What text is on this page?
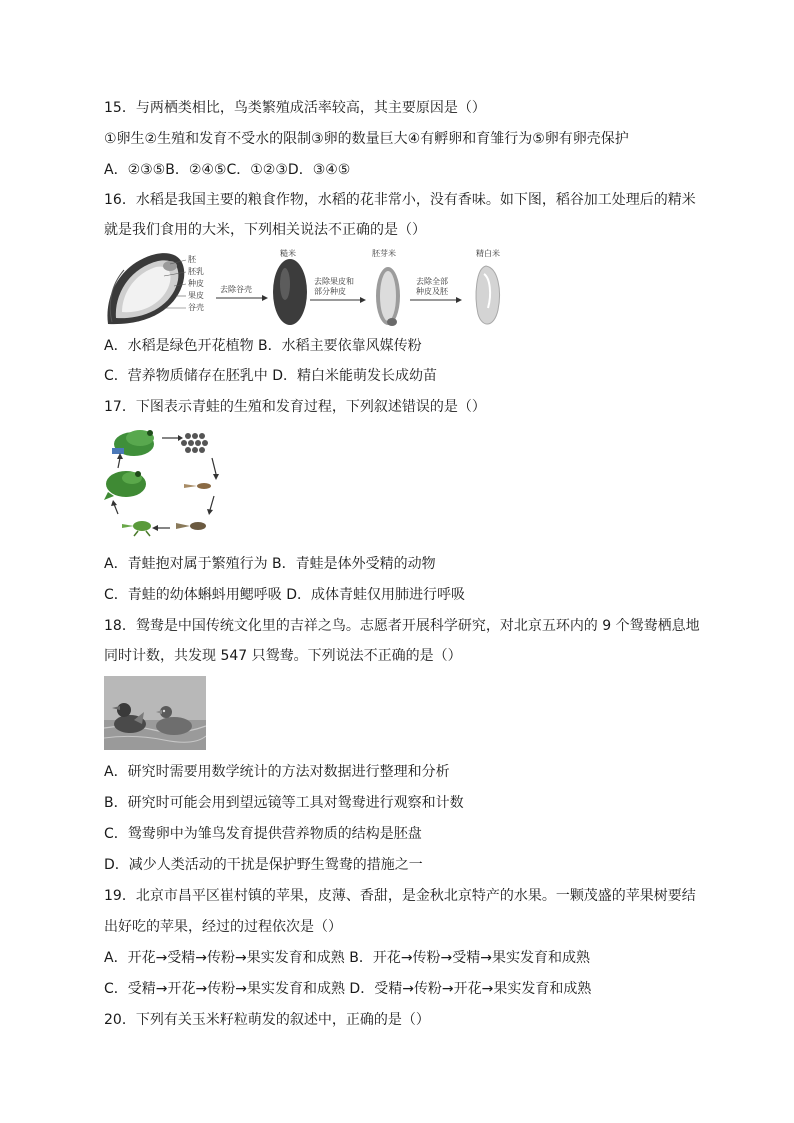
15．与两栖类相比，鸟类繁殖成活率较高，其主要原因是（）
①卵生②生殖和发育不受水的限制③卵的数量巨大④有孵卵和育雏行为⑤卵有卵壳保护
A．②③⑤B．②④⑤C．①②③D．③④⑤
16．水稻是我国主要的粮食作物，水稻的花非常小，没有香味。如下图，稻谷加工处理后的精米
就是我们食用的大米，下列相关说法不正确的是（）
胚
胚乳
种皮
果皮
谷壳
去除谷壳
糙米
去除果皮和
部分种皮
胚芽米
去除全部
种皮及胚
精白米
A．水稻是绿色开花植物 B．水稻主要依靠风媒传粉
C．营养物质储存在胚乳中 D．精白米能萌发长成幼苗
17．下图表示青蛙的生殖和发育过程，下列叙述错误的是（）
A．青蛙抱对属于繁殖行为 B．青蛙是体外受精的动物
C．青蛙的幼体蝌蚪用鳃呼吸 D．成体青蛙仅用肺进行呼吸
18．鸳鸯是中国传统文化里的吉祥之鸟。志愿者开展科学研究，对北京五环内的 9 个鸳鸯栖息地
同时计数，共发现 547 只鸳鸯。下列说法不正确的是（）
A．研究时需要用数学统计的方法对数据进行整理和分析
B．研究时可能会用到望远镜等工具对鸳鸯进行观察和计数
C．鸳鸯卵中为雏鸟发育提供营养物质的结构是胚盘
D．减少人类活动的干扰是保护野生鸳鸯的措施之一
19．北京市昌平区崔村镇的苹果，皮薄、香甜，是金秋北京特产的水果。一颗茂盛的苹果树要结
出好吃的苹果，经过的过程依次是（）
A．开花→受精→传粉→果实发育和成熟 B．开花→传粉→受精→果实发育和成熟
C．受精→开花→传粉→果实发育和成熟 D．受精→传粉→开花→果实发育和成熟
20．下列有关玉米籽粒萌发的叙述中，正确的是（）
